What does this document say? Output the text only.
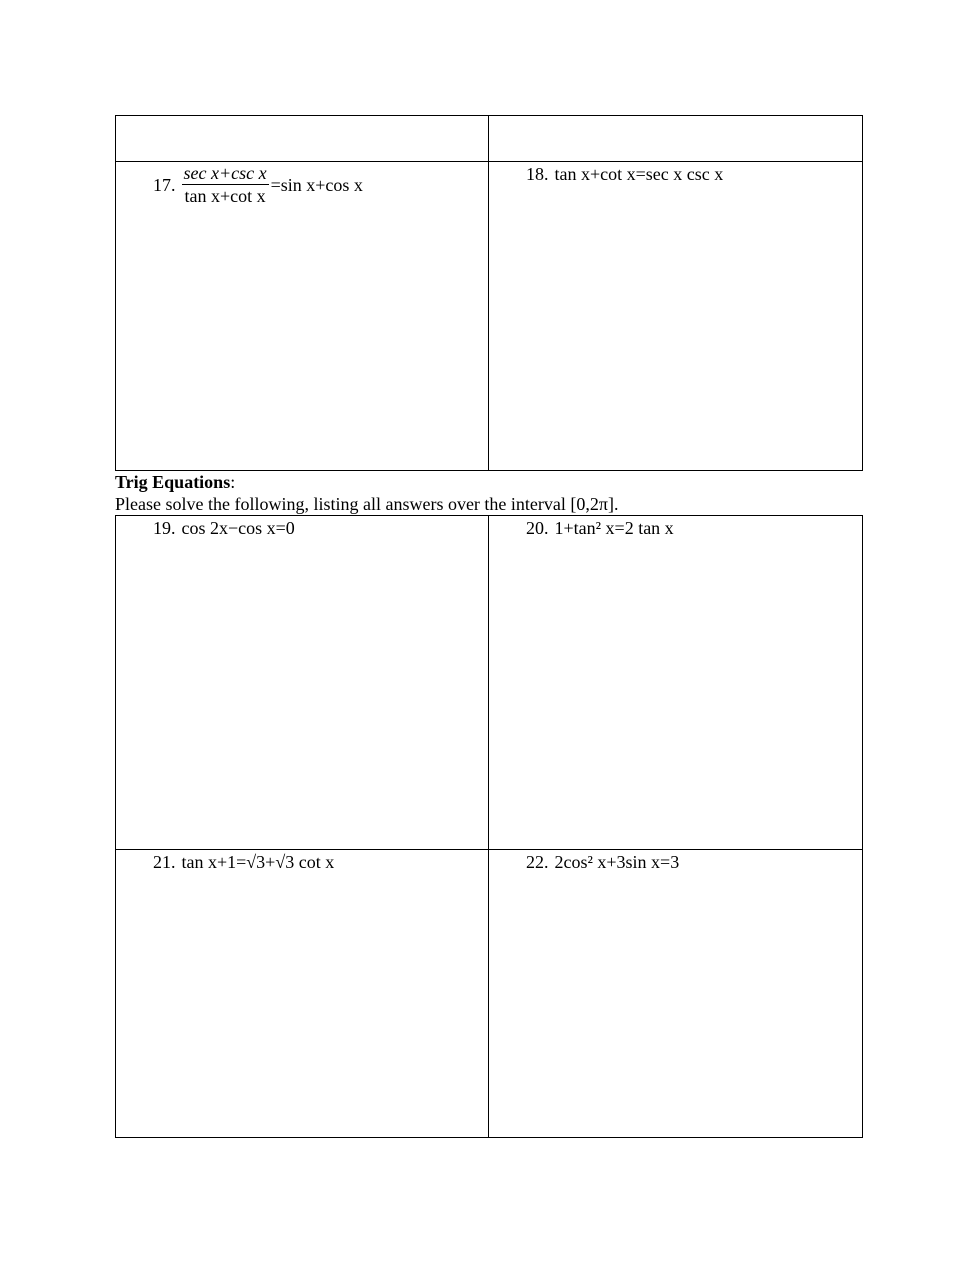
17. $\frac{\text{sec x+csc x}}{\text{tan x+cot x}} =\sin$ x+cos x
18. tan x+cot x=sec x csc x
Trig Equations:
Please solve the following, listing all answers over the interval [0,2π].
19. cos 2x−cos x=0	20. 1+tan² x=2 tan x
21. tan x+1=√3+√3 cot x	22. 2cos² x+3sin x=3
